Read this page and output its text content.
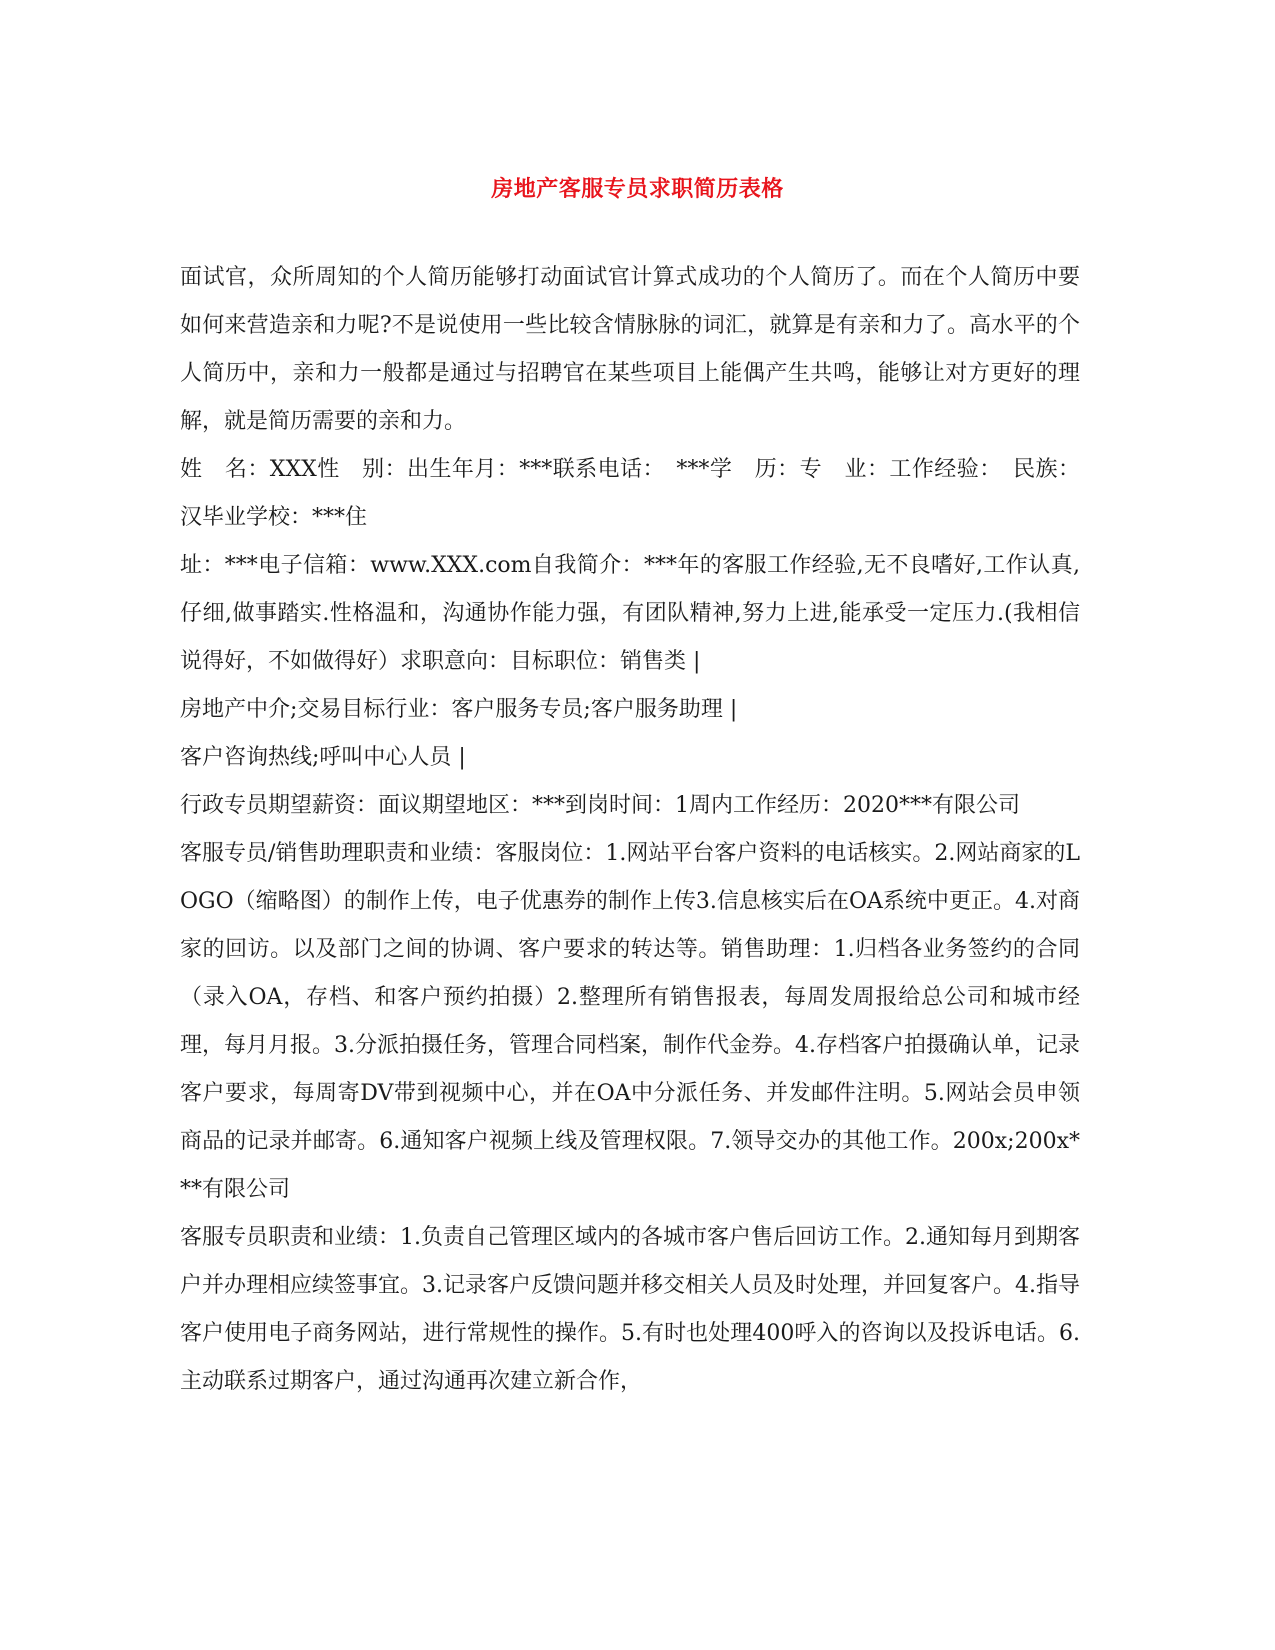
房地产客服专员求职简历表格

面试官，众所周知的个人简历能够打动面试官计算式成功的个人简历了。而在个人简历中要如何来营造亲和力呢?不是说使用一些比较含情脉脉的词汇，就算是有亲和力了。高水平的个人简历中，亲和力一般都是通过与招聘官在某些项目上能偶产生共鸣，能够让对方更好的理解，就是简历需要的亲和力。

姓　名：XXX性　别：出生年月：***联系电话：　***学　历：专　业：工作经验：　民族：汉毕业学校：***住

址：***电子信箱：www.XXX.com自我简介：***年的客服工作经验,无不良嗜好,工作认真,仔细,做事踏实.性格温和，沟通协作能力强，有团队精神,努力上进,能承受一定压力.(我相信说得好，不如做得好）求职意向：目标职位：销售类 |

房地产中介;交易目标行业：客户服务专员;客户服务助理 |

客户咨询热线;呼叫中心人员 |

行政专员期望薪资：面议期望地区：***到岗时间：1周内工作经历：2020***有限公司

客服专员/销售助理职责和业绩：客服岗位：1.网站平台客户资料的电话核实。2.网站商家的LOGO（缩略图）的制作上传，电子优惠券的制作上传3.信息核实后在OA系统中更正。4.对商家的回访。以及部门之间的协调、客户要求的转达等。销售助理：1.归档各业务签约的合同（录入OA，存档、和客户预约拍摄）2.整理所有销售报表，每周发周报给总公司和城市经理，每月月报。3.分派拍摄任务，管理合同档案，制作代金券。4.存档客户拍摄确认单，记录客户要求，每周寄DV带到视频中心，并在OA中分派任务、并发邮件注明。5.网站会员申领商品的记录并邮寄。6.通知客户视频上线及管理权限。7.领导交办的其他工作。200x;200x***有限公司

客服专员职责和业绩：1.负责自己管理区域内的各城市客户售后回访工作。2.通知每月到期客户并办理相应续签事宜。3.记录客户反馈问题并移交相关人员及时处理，并回复客户。4.指导客户使用电子商务网站，进行常规性的操作。5.有时也处理400呼入的咨询以及投诉电话。6.主动联系过期客户，通过沟通再次建立新合作，
